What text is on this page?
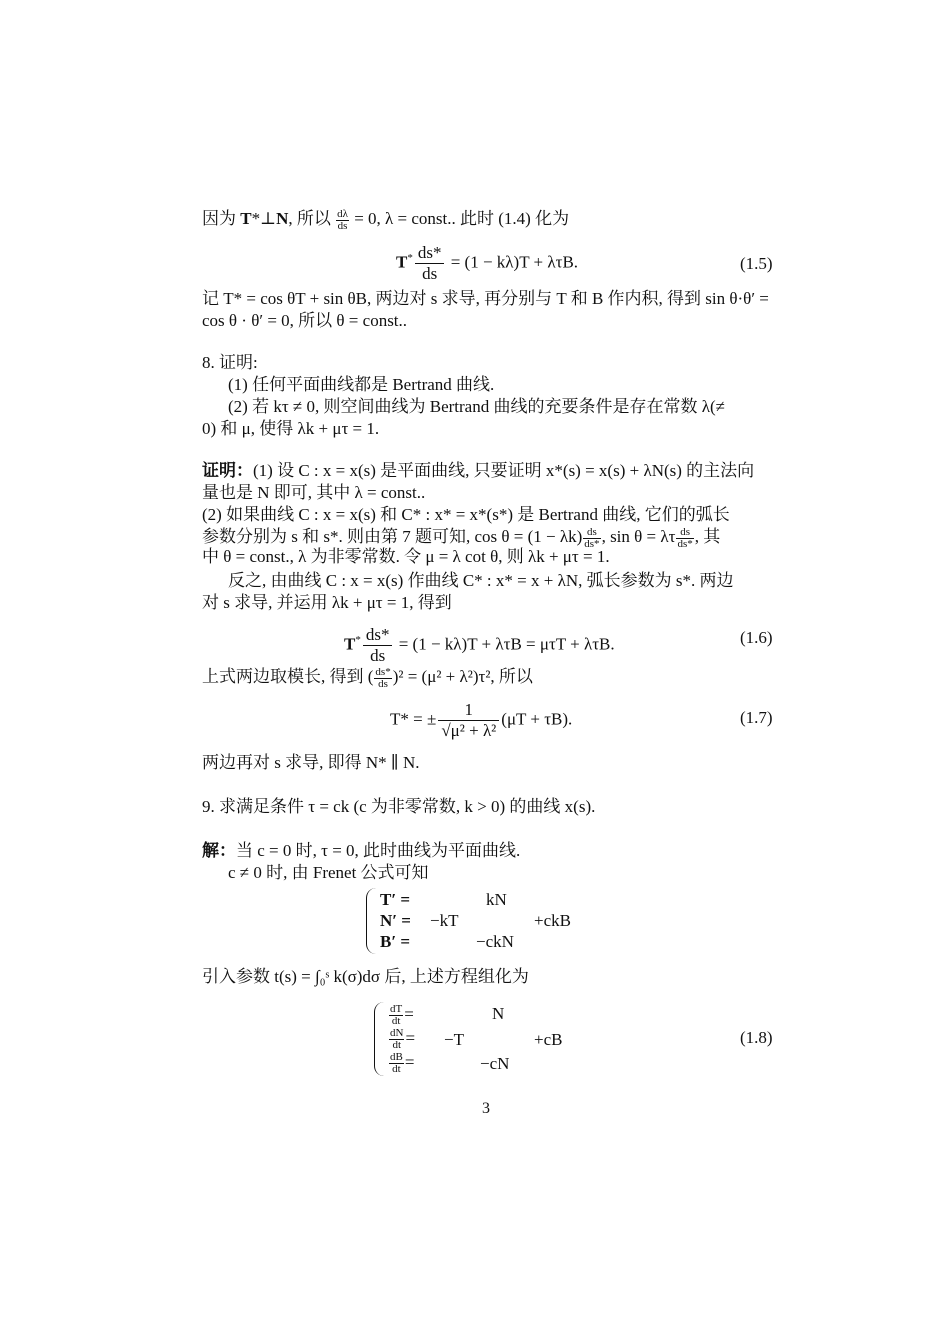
因为 T*⊥N, 所以 $\frac{d\lambda}{ds} = 0$, λ = const.. 此时 (1.4) 化为
$T^* \frac{ds*}{ds} = (1 - k\lambda)T + \lambda\tau B$.	(1.5)
记 T* = cos θT + sin θB, 两边对 s 求导, 再分别与 T 和 B 作内积, 得到 sin θ·θ′ =
cos θ · θ′ = 0, 所以 θ = const..
8. 证明:
(1) 任何平面曲线都是 Bertrand 曲线.
(2) 若 kτ ≠ 0, 则空间曲线为 Bertrand 曲线的充要条件是存在常数 λ(≠
0) 和 μ, 使得 λk + μτ = 1.
证明：(1) 设 C : x = x(s) 是平面曲线, 只要证明 x*(s) = x(s) + λN(s) 的主法向
量也是 N 即可, 其中 λ = const..
(2) 如果曲线 C : x = x(s) 和 C* : x* = x*(s*) 是 Bertrand 曲线, 它们的弧长
参数分别为 s 和 s*. 则由第 7 题可知, $\cos \theta = (1 - \lambda k) \frac{ds}{ds*}$ , sin θ = λτ $\frac{ds}{ds*}$ , 其
中 θ = const., λ 为非零常数. 令 μ = λ cot θ, 则 λk + μτ = 1.
反之, 由曲线 C : x = x(s) 作曲线 C* : x* = x + λN, 弧长参数为 s*. 两边
对 s 求导, 并运用 λk + μτ = 1, 得到
$T^* \frac{ds*}{ds} = (1 - k\lambda)T + \lambda\tau B = \mu\tau T + \lambda\tau B$.	(1.6)
上式两边取模长, 得到 ( $\frac{ds*}{ds} )^2 = (\mu^2 + \lambda^2)\tau^2$, 所以
T* = ± $\frac{1}{\text{√μ² + λ²}} (\mu T + \tau B)$.	(1.7)
两边再对 s 求导, 即得 N* ∥ N.
9. 求满足条件 τ = ck (c 为非零常数, k > 0) 的曲线 x(s).
解：当 c = 0 时, τ = 0, 此时曲线为平面曲线.
c ≠ 0 时, 由 Frenet 公式可知
T′ =	kN
N′ = −kT	+ckB
B′ =	−ckN
引入参数 t(s) = ∫₀ˢ k(σ)dσ 后, 上述方程组化为
$\frac{dT}{dt}$ =	N
$\frac{dN}{dt} = -T$	+cB
$\frac{dB}{dt}$ =	−cN
(1.8)
3
